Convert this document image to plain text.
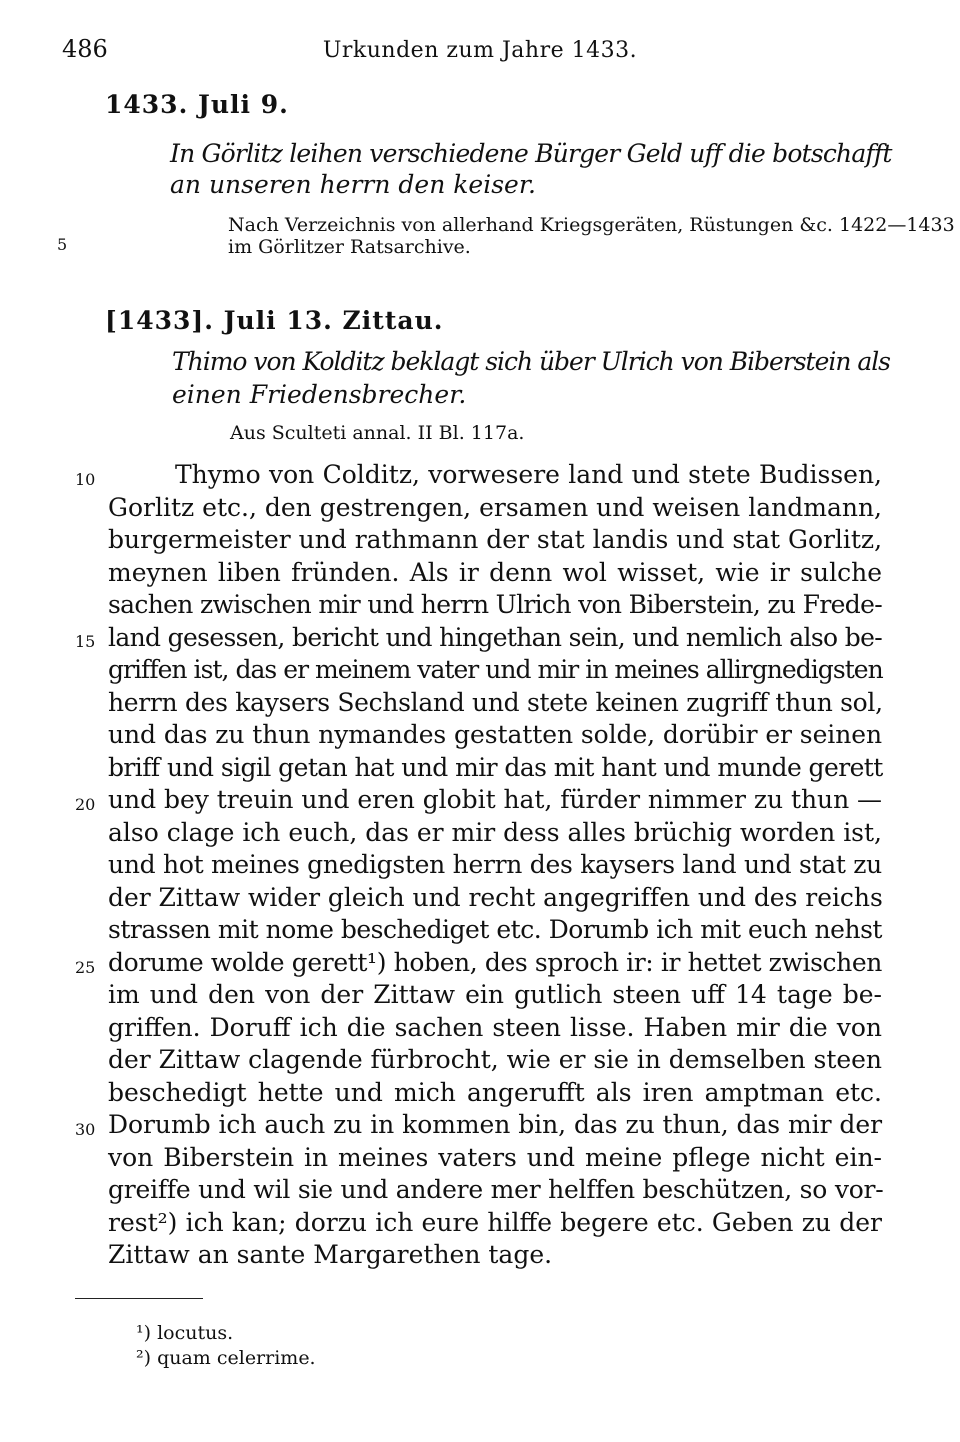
486	Urkunden zum Jahre 1433.
1433. Juli 9.
In Görlitz leihen verschiedene Bürger Geld uff die botschafft
an unseren herrn den keiser.
5
Nach Verzeichnis von allerhand Kriegsgeräten, Rüstungen &c. 1422—1433
im Görlitzer Ratsarchive.
[1433]. Juli 13. Zittau.
Thimo von Kolditz beklagt sich über Ulrich von Biberstein als
einen Friedensbrecher.
Aus Sculteti annal. II Bl. 117a.
10
15
20
25
30
Thymo von Colditz, vorwesere land und stete Budissen,
Gorlitz etc., den gestrengen, ersamen und weisen landmann,
burgermeister und rathmann der stat landis und stat Gorlitz,
meynen liben fründen. Als ir denn wol wisset, wie ir sulche
sachen zwischen mir und herrn Ulrich von Biberstein, zu Frede-
land gesessen, bericht und hingethan sein, und nemlich also be-
griffen ist, das er meinem vater und mir in meines allirgnedigsten
herrn des kaysers Sechsland und stete keinen zugriff thun sol,
und das zu thun nymandes gestatten solde, dorübir er seinen
briff und sigil getan hat und mir das mit hant und munde gerett
und bey treuin und eren globit hat, fürder nimmer zu thun —
also clage ich euch, das er mir dess alles brüchig worden ist,
und hot meines gnedigsten herrn des kaysers land und stat zu
der Zittaw wider gleich und recht angegriffen und des reichs
strassen mit nome beschediget etc. Dorumb ich mit euch nehst
dorume wolde gerett¹) hoben, des sproch ir: ir hettet zwischen
im und den von der Zittaw ein gutlich steen uff 14 tage be-
griffen. Doruff ich die sachen steen lisse. Haben mir die von
der Zittaw clagende fürbrocht, wie er sie in demselben steen
beschedigt hette und mich angerufft als iren amptman etc.
Dorumb ich auch zu in kommen bin, das zu thun, das mir der
von Biberstein in meines vaters und meine pflege nicht ein-
greiffe und wil sie und andere mer helffen beschützen, so vor-
rest²) ich kan; dorzu ich eure hilffe begere etc. Geben zu der
Zittaw an sante Margarethen tage.
¹) locutus.
²) quam celerrime.
